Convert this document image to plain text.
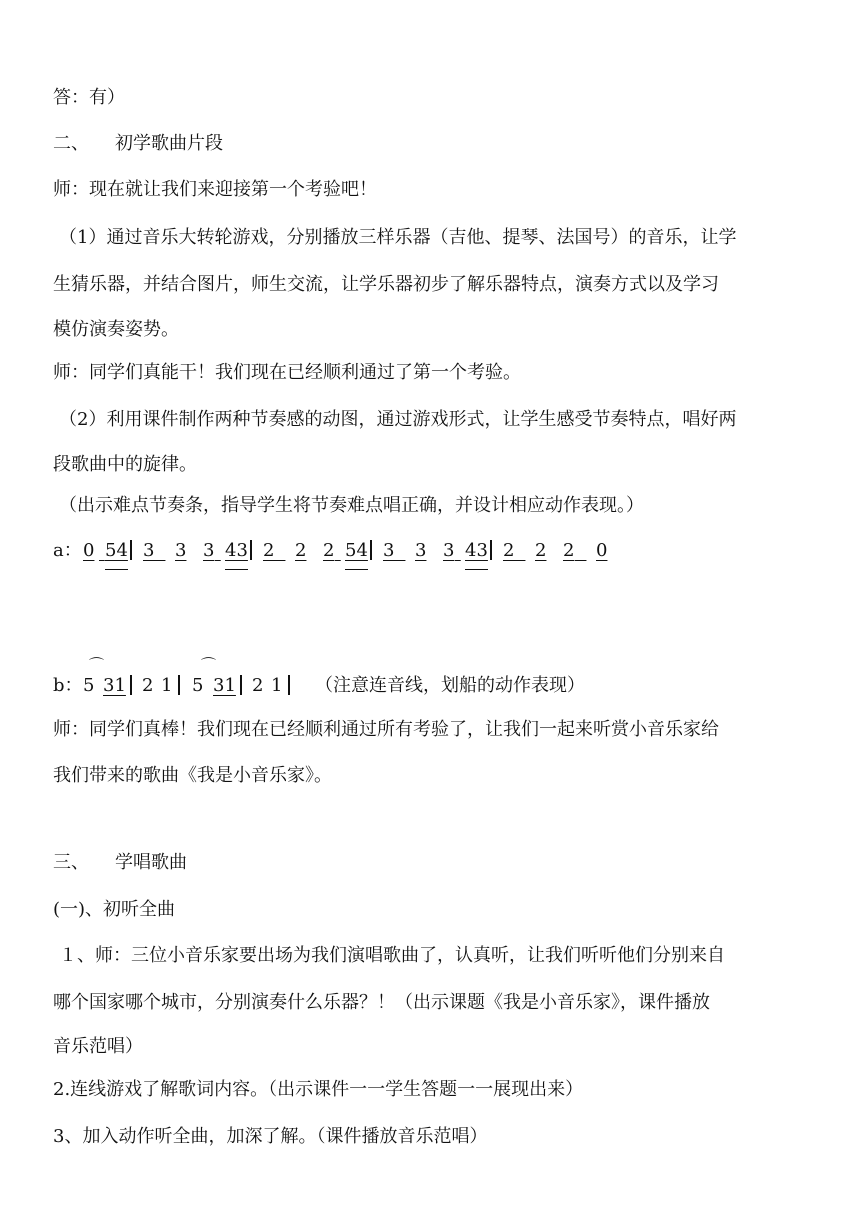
答：有）
二、 初学歌曲片段
师：现在就让我们来迎接第一个考验吧！
（1）通过音乐大转轮游戏，分别播放三样乐器（吉他、提琴、法国号）的音乐，让学
生猜乐器，并结合图片，师生交流，让学乐器初步了解乐器特点，演奏方式以及学习
模仿演奏姿势。
师：同学们真能干！我们现在已经顺利通过了第一个考验。
（2）利用课件制作两种节奏感的动图，通过游戏形式，让学生感受节奏特点，唱好两
段歌曲中的旋律。
（出示难点节奏条，指导学生将节奏难点唱正确，并设计相应动作表现。）
a： 0
54 3
3 3
43 2
2 2
54 3
3 3
43 2
2 2
0
⌒	⌒
b： 5 31 2 1 5 31 2 1 （注意连音线，划船的动作表现）
师：同学们真棒！我们现在已经顺利通过所有考验了，让我们一起来听赏小音乐家给
我们带来的歌曲《我是小音乐家》。
三、 学唱歌曲
(一)、初听全曲
１、师：三位小音乐家要出场为我们演唱歌曲了，认真听，让我们听听他们分别来自
哪个国家哪个城市，分别演奏什么乐器？！（出示课题《我是小音乐家》，课件播放
音乐范唱）
2.连线游戏了解歌词内容。（出示课件一一学生答题一一展现出来）
3、加入动作听全曲，加深了解。（课件播放音乐范唱）
